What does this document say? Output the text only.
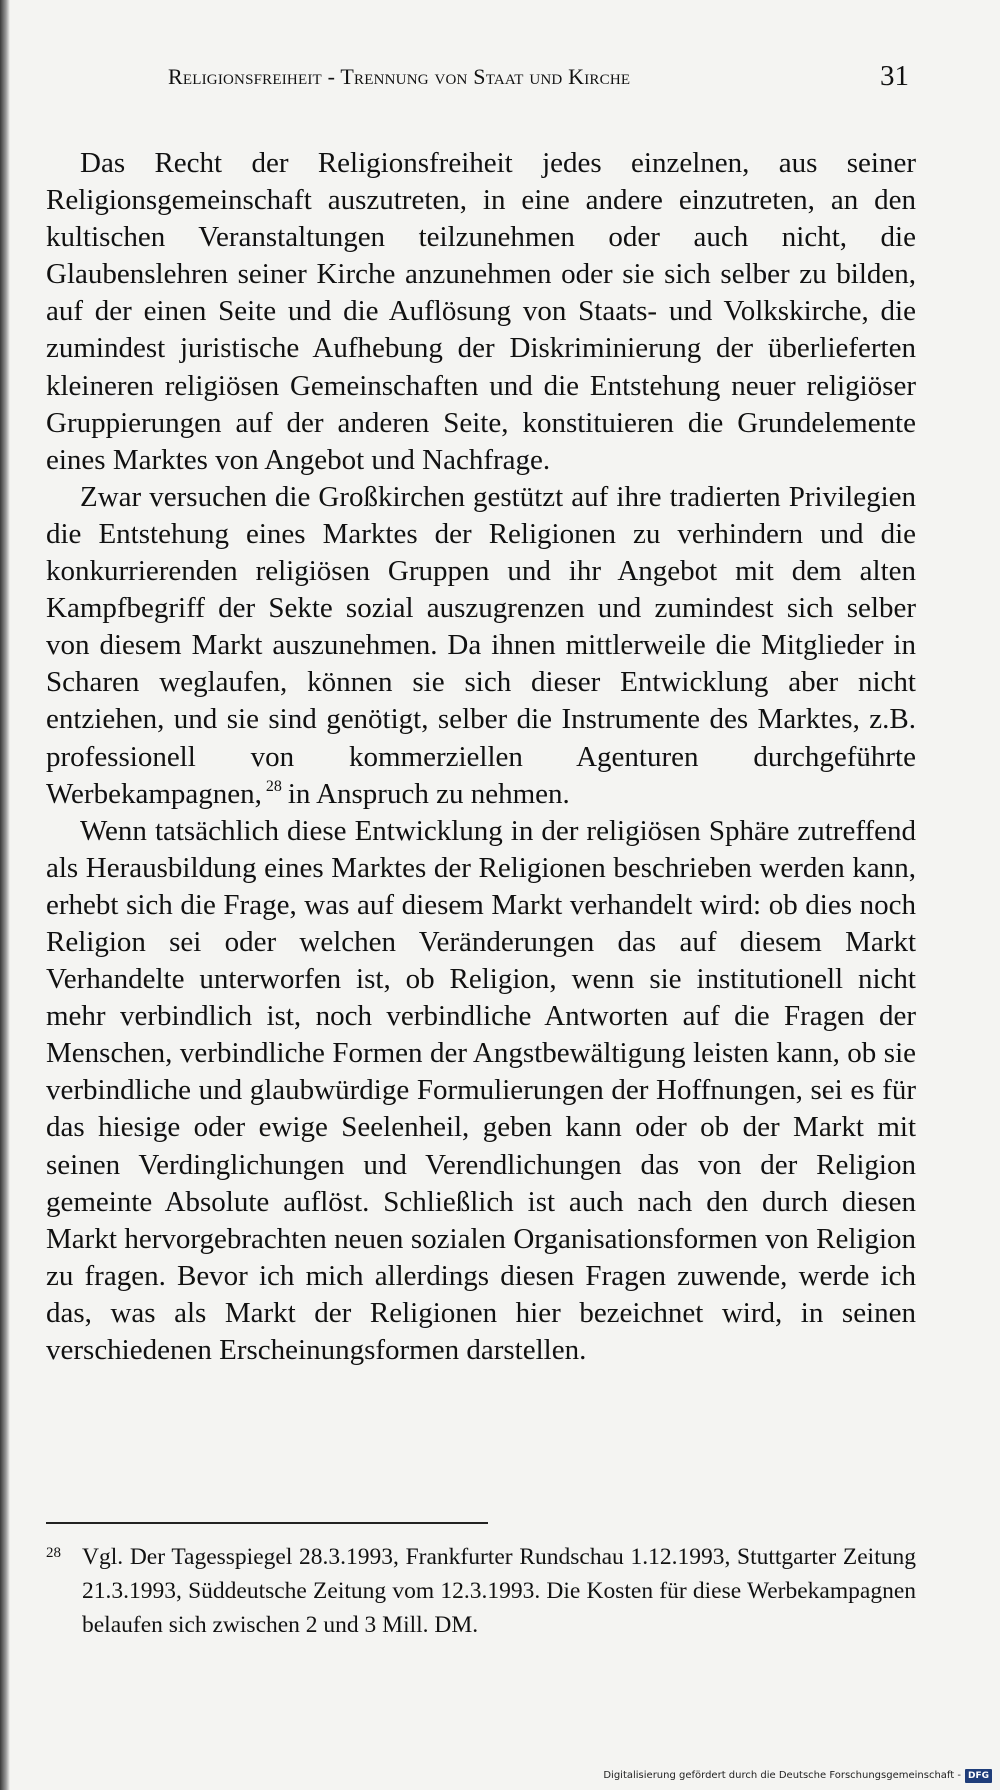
Religionsfreiheit - Trennung von Staat und Kirche	31

Das Recht der Religionsfreiheit jedes einzelnen, aus seiner Religionsgemeinschaft auszutreten, in eine andere einzutreten, an den kultischen Veranstaltungen teilzunehmen oder auch nicht, die Glaubenslehren seiner Kirche anzunehmen oder sie sich selber zu bilden, auf der einen Seite und die Auflösung von Staats- und Volkskirche, die zumindest juristische Aufhebung der Diskriminierung der überlieferten kleineren religiösen Gemeinschaften und die Entstehung neuer religiöser Gruppierungen auf der anderen Seite, konstituieren die Grundelemente eines Marktes von Angebot und Nachfrage.

Zwar versuchen die Großkirchen gestützt auf ihre tradierten Privilegien die Entstehung eines Marktes der Religionen zu verhindern und die konkurrierenden religiösen Gruppen und ihr Angebot mit dem alten Kampfbegriff der Sekte sozial auszugrenzen und zumindest sich selber von diesem Markt auszunehmen. Da ihnen mittlerweile die Mitglieder in Scharen weglaufen, können sie sich dieser Entwicklung aber nicht entziehen, und sie sind genötigt, selber die Instrumente des Marktes, z.B. professionell von kommerziellen Agenturen durchgeführte Werbekampagnen, $^{28}$ in Anspruch zu nehmen.

Wenn tatsächlich diese Entwicklung in der religiösen Sphäre zutreffend als Herausbildung eines Marktes der Religionen beschrieben werden kann, erhebt sich die Frage, was auf diesem Markt verhandelt wird: ob dies noch Religion sei oder welchen Veränderungen das auf diesem Markt Verhandelte unterworfen ist, ob Religion, wenn sie institutionell nicht mehr verbindlich ist, noch verbindliche Antworten auf die Fragen der Menschen, verbindliche Formen der Angstbewältigung leisten kann, ob sie verbindliche und glaubwürdige Formulierungen der Hoffnungen, sei es für das hiesige oder ewige Seelenheil, geben kann oder ob der Markt mit seinen Verdinglichungen und Verendlichungen das von der Religion gemeinte Absolute auflöst. Schließlich ist auch nach den durch diesen Markt hervorgebrachten neuen sozialen Organisationsformen von Religion zu fragen. Bevor ich mich allerdings diesen Fragen zuwende, werde ich das, was als Markt der Religionen hier bezeichnet wird, in seinen verschiedenen Erscheinungsformen darstellen.

28 Vgl. Der Tagesspiegel 28.3.1993, Frankfurter Rundschau 1.12.1993, Stuttgarter Zeitung 21.3.1993, Süddeutsche Zeitung vom 12.3.1993. Die Kosten für diese Werbekampagnen belaufen sich zwischen 2 und 3 Mill. DM.
Digitalisierung gefördert durch die Deutsche Forschungsgemeinschaft - DFG
